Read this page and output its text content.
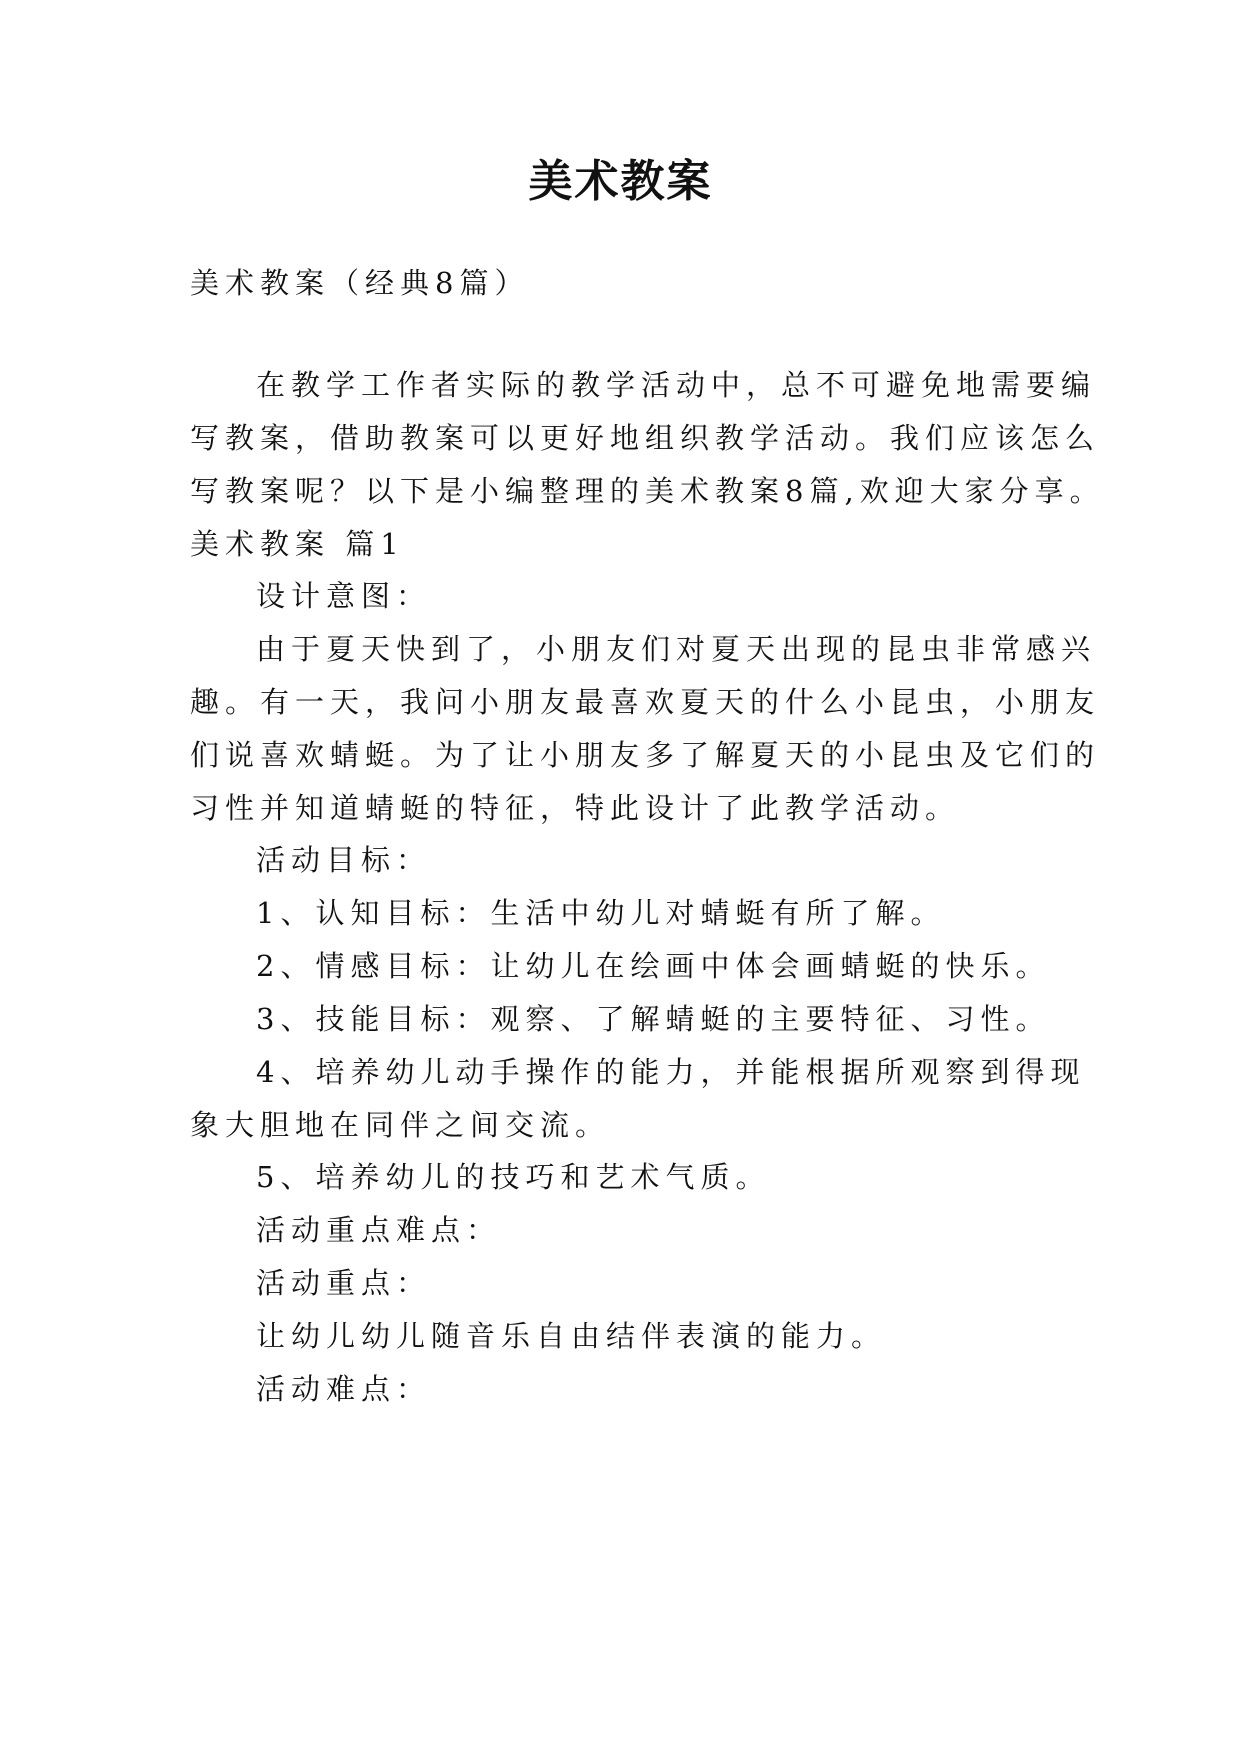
美术教案
美术教案（经典8篇）
在教学工作者实际的教学活动中，总不可避免地需要编
写教案，借助教案可以更好地组织教学活动。我们应该怎么
写教案呢？以下是小编整理的美术教案8篇,欢迎大家分享。
美术教案 篇1
设计意图：
由于夏天快到了，小朋友们对夏天出现的昆虫非常感兴
趣。有一天，我问小朋友最喜欢夏天的什么小昆虫，小朋友
们说喜欢蜻蜓。为了让小朋友多了解夏天的小昆虫及它们的
习性并知道蜻蜓的特征，特此设计了此教学活动。
活动目标：
1、认知目标：生活中幼儿对蜻蜓有所了解。
2、情感目标：让幼儿在绘画中体会画蜻蜓的快乐。
3、技能目标：观察、了解蜻蜓的主要特征、习性。
4、培养幼儿动手操作的能力，并能根据所观察到得现
象大胆地在同伴之间交流。
5、培养幼儿的技巧和艺术气质。
活动重点难点：
活动重点：
让幼儿幼儿随音乐自由结伴表演的能力。
活动难点：
